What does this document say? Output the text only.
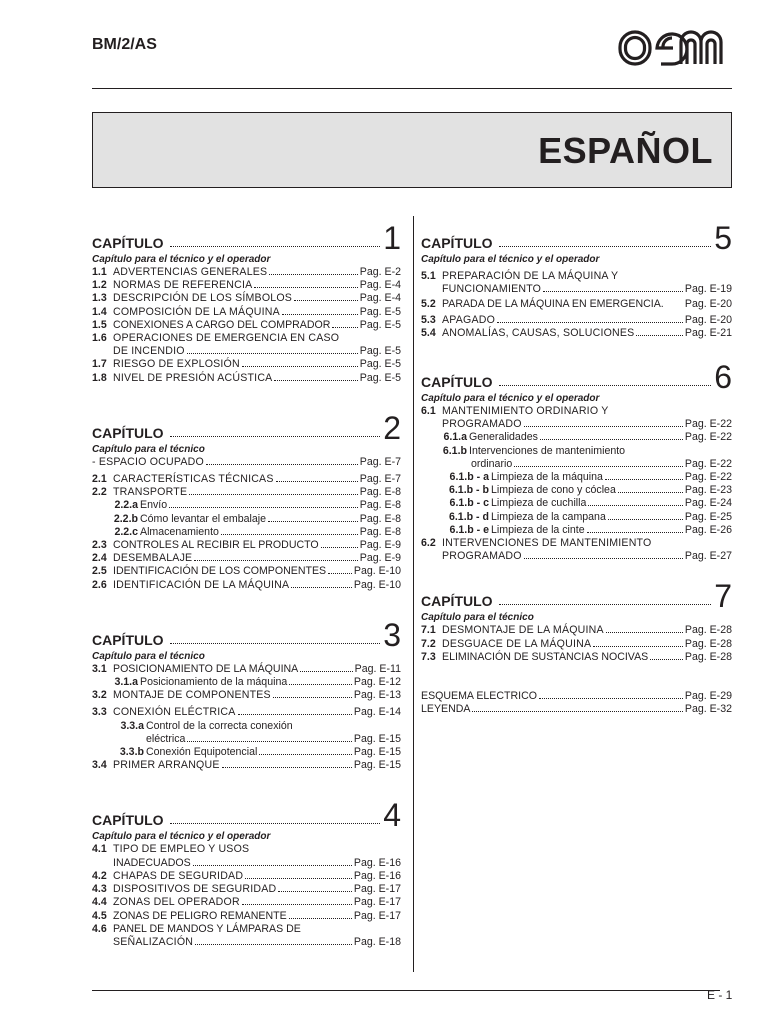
BM/2/AS
ESPAÑOL
CAPÍTULO	1
Capítulo para el técnico y el operador
1.1 ADVERTENCIAS GENERALES	Pag. E-2
1.2 NORMAS DE REFERENCIA	Pag. E-4
1.3 DESCRIPCIÓN DE LOS SÍMBOLOS	Pag. E-4
1.4 COMPOSICIÓN DE LA MÁQUINA	Pag. E-5
1.5 CONEXIONES A CARGO DEL COMPRADOR	Pag. E-5
1.6 OPERACIONES DE EMERGENCIA EN CASO
DE INCENDIO	Pag. E-5
1.7 RIESGO DE EXPLOSIÓN	Pag. E-5
1.8 NIVEL DE PRESIÓN ACÚSTICA	Pag. E-5
CAPÍTULO	2
Capítulo para el técnico
- ESPACIO OCUPADO	Pag. E-7
2.1 CARACTERÍSTICAS TÉCNICAS	Pag. E-7
2.2 TRANSPORTE	Pag. E-8
2.2.a Envío	Pag. E-8
2.2.b Cómo levantar el embalaje	Pag. E-8
2.2.c Almacenamiento	Pag. E-8
2.3 CONTROLES AL RECIBIR EL PRODUCTO	Pag. E-9
2.4 DESEMBALAJE	Pag. E-9
2.5 IDENTIFICACIÓN DE LOS COMPONENTES	Pag. E-10
2.6 IDENTIFICACIÓN DE LA MÁQUINA	Pag. E-10
CAPÍTULO	3
Capítulo para el técnico
3.1 POSICIONAMIENTO DE LA MÁQUINA	Pag. E-11
3.1.a Posicionamiento de la máquina	Pag. E-12
3.2 MONTAJE DE COMPONENTES	Pag. E-13
3.3 CONEXIÓN ELÉCTRICA	Pag. E-14
3.3.a Control de la correcta conexión
eléctrica	Pag. E-15
3.3.b Conexión Equipotencial	Pag. E-15
3.4 PRIMER ARRANQUE	Pag. E-15
CAPÍTULO	4
Capítulo para el técnico y el operador
4.1 TIPO DE EMPLEO Y USOS
INADECUADOS	Pag. E-16
4.2 CHAPAS DE SEGURIDAD	Pag. E-16
4.3 DISPOSITIVOS DE SEGURIDAD	Pag. E-17
4.4 ZONAS DEL OPERADOR	Pag. E-17
4.5 ZONAS DE PELIGRO REMANENTE	Pag. E-17
4.6 PANEL DE MANDOS Y LÁMPARAS DE
SEÑALIZACIÓN	Pag. E-18
CAPÍTULO	5
Capítulo para el técnico y el operador
5.1 PREPARACIÓN DE LA MÁQUINA Y
FUNCIONAMIENTO	Pag. E-19
5.2 PARADA DE LA MÁQUINA EN EMERGENCIA. Pag. E-20
5.3 APAGADO	Pag. E-20
5.4 ANOMALÍAS, CAUSAS, SOLUCIONES	Pag. E-21
CAPÍTULO	6
Capítulo para el técnico y el operador
6.1 MANTENIMIENTO ORDINARIO Y
PROGRAMADO	Pag. E-22
6.1.a Generalidades	Pag. E-22
6.1.b Intervenciones de mantenimiento
ordinario	Pag. E-22
6.1.b - a Limpieza de la máquina	Pag. E-22
6.1.b - b Limpieza de cono y cóclea	Pag. E-23
6.1.b - c Limpieza de cuchilla	Pag. E-24
6.1.b - d Limpieza de la campana	Pag. E-25
6.1.b - e Limpieza de la cinte	Pag. E-26
6.2 INTERVENCIONES DE MANTENIMIENTO
PROGRAMADO	Pag. E-27
CAPÍTULO	7
Capítulo para el técnico
7.1 DESMONTAJE DE LA MÁQUINA	Pag. E-28
7.2 DESGUACE DE LA MÁQUINA	Pag. E-28
7.3 ELIMINACIÓN DE SUSTANCIAS NOCIVAS	Pag. E-28
ESQUEMA ELECTRICO	Pag. E-29
LEYENDA	Pag. E-32
E - 1
